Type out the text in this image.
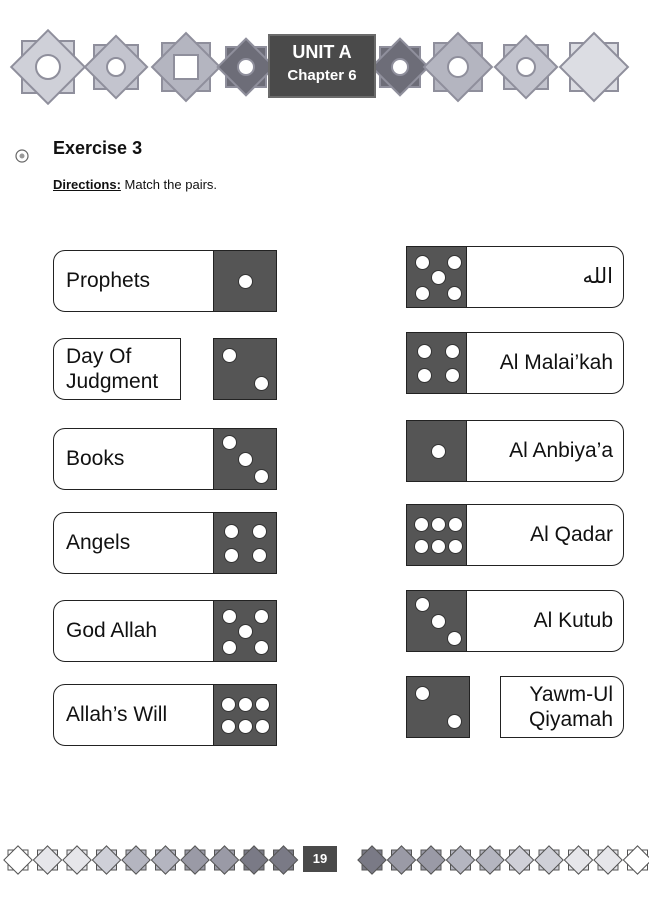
UNIT A
Chapter 6
Exercise 3
Directions: Match the pairs.
Prophets
Day Of Judgment
Books
Angels
God Allah
Allah’s Will
الله
Al Malai’kah
Al Anbiya’a
Al Qadar
Al Kutub
Yawm-Ul Qiyamah
19
